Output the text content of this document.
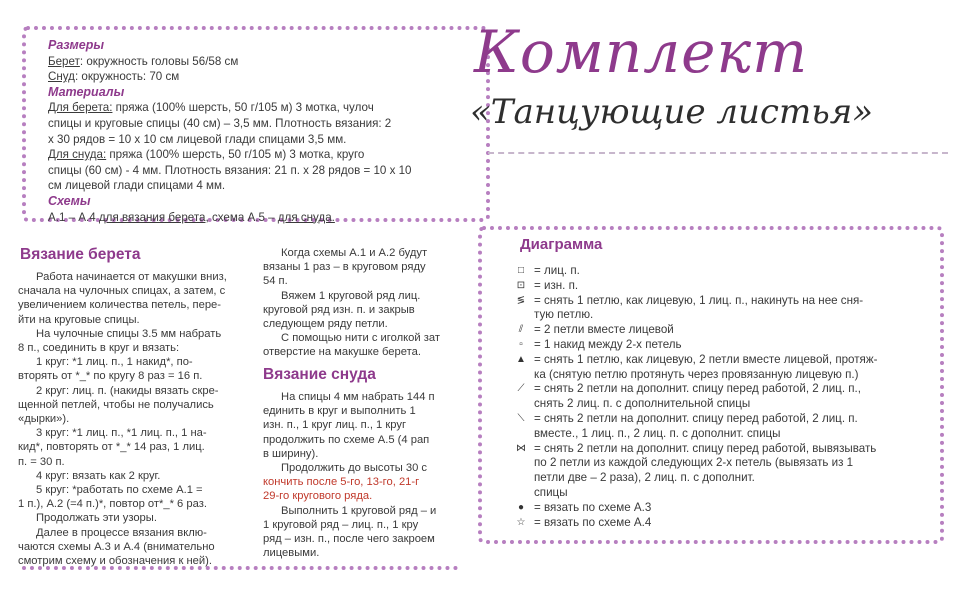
Размеры

Берет: окружность головы 56/58 см

Снуд: окружность: 70 см

Материалы

Для берета: пряжа (100% шерсть, 50 г/105 м) 3 мотка, чулоч

спицы и круговые спицы (40 см) – 3,5 мм. Плотность вязания: 2

х 30 рядов = 10 х 10 см лицевой глади спицами 3,5 мм.

Для снуда: пряжа (100% шерсть, 50 г/105 м) 3 мотка, круго

спицы (60 см) - 4 мм. Плотность вязания: 21 п. х 28 рядов = 10 х 10

см лицевой глади спицами 4 мм.

Схемы

А.1 – А.4 для вязания берета, схема А.5 – для снуда.

Комплект
«Танцующие листья»
Вязание берета

Работа начинается от макушки вниз,
сначала на чулочных спицах, а затем, с
увеличением количества петель, пере-
йти на круговые спицы.
На чулочные спицы 3.5 мм набрать
8 п., соединить в круг и вязать:
1 круг: *1 лиц. п., 1 накид*, по-
вторять от *_* по кругу 8 раз = 16 п.
2 круг: лиц. п. (накиды вязать скре-
щенной петлей, чтобы не получались
«дырки»).
3 круг: *1 лиц. п., *1 лиц. п., 1 на-
кид*, повторять от *_* 14 раз, 1 лиц.
п. = 30 п.
4 круг: вязать как 2 круг.
5 круг: *работать по схеме А.1 =
1 п.), А.2 (=4 п.)*, повтор от*_* 6 раз.
Продолжать эти узоры.
Далее в процессе вязания вклю-
чаются схемы А.3 и А.4 (внимательно
смотрим схему и обозначения к ней).

Когда схемы А.1 и А.2 будут
вязаны 1 раз – в круговом ряду
54 п.
Вяжем 1 круговой ряд лиц.
круговой ряд изн. п. и закрыв
следующем ряду петли.
С помощью нити с иголкой зат
отверстие на макушке берета.

Вязание снуда

На спицы 4 мм набрать 144 п
единить в круг и выполнить 1
изн. п., 1 круг лиц. п., 1 круг
продолжить по схеме А.5 (4 рап
в ширину).
Продолжить до высоты 30 с
кончить после 5-го, 13-го, 21-г
29-го кругового ряда.
Выполнить 1 круговой ряд – и
1 круговой ряд – лиц. п., 1 кру
ряд – изн. п., после чего закроем
лицевыми.

Диаграмма
□ = лиц. п.
⊡ = изн. п.
≶ = снять 1 петлю, как лицевую, 1 лиц. п., накинуть на нее сня-
тую петлю.
⫽ = 2 петли вместе лицевой
▫ = 1 накид между 2-х петель
▲ = снять 1 петлю, как лицевую, 2 петли вместе лицевой, протяж-
ка (снятую петлю протянуть через провязанную лицевую п.)
⟋ = снять 2 петли на дополнит. спицу перед работой, 2 лиц. п.,
снять 2 лиц. п. с дополнительной спицы
⟍ = снять 2 петли на дополнит. спицу перед работой, 2 лиц. п.
вместе., 1 лиц. п., 2 лиц. п. с дополнит. спицы
⋈ = снять 2 петли на дополнит. спицу перед работой, вывязывать
по 2 петли из каждой следующих 2-х петель (вывязать из 1
петли две – 2 раза), 2 лиц. п. с дополнит.
спицы
● = вязать по схеме А.3
☆ = вязать по схеме А.4
